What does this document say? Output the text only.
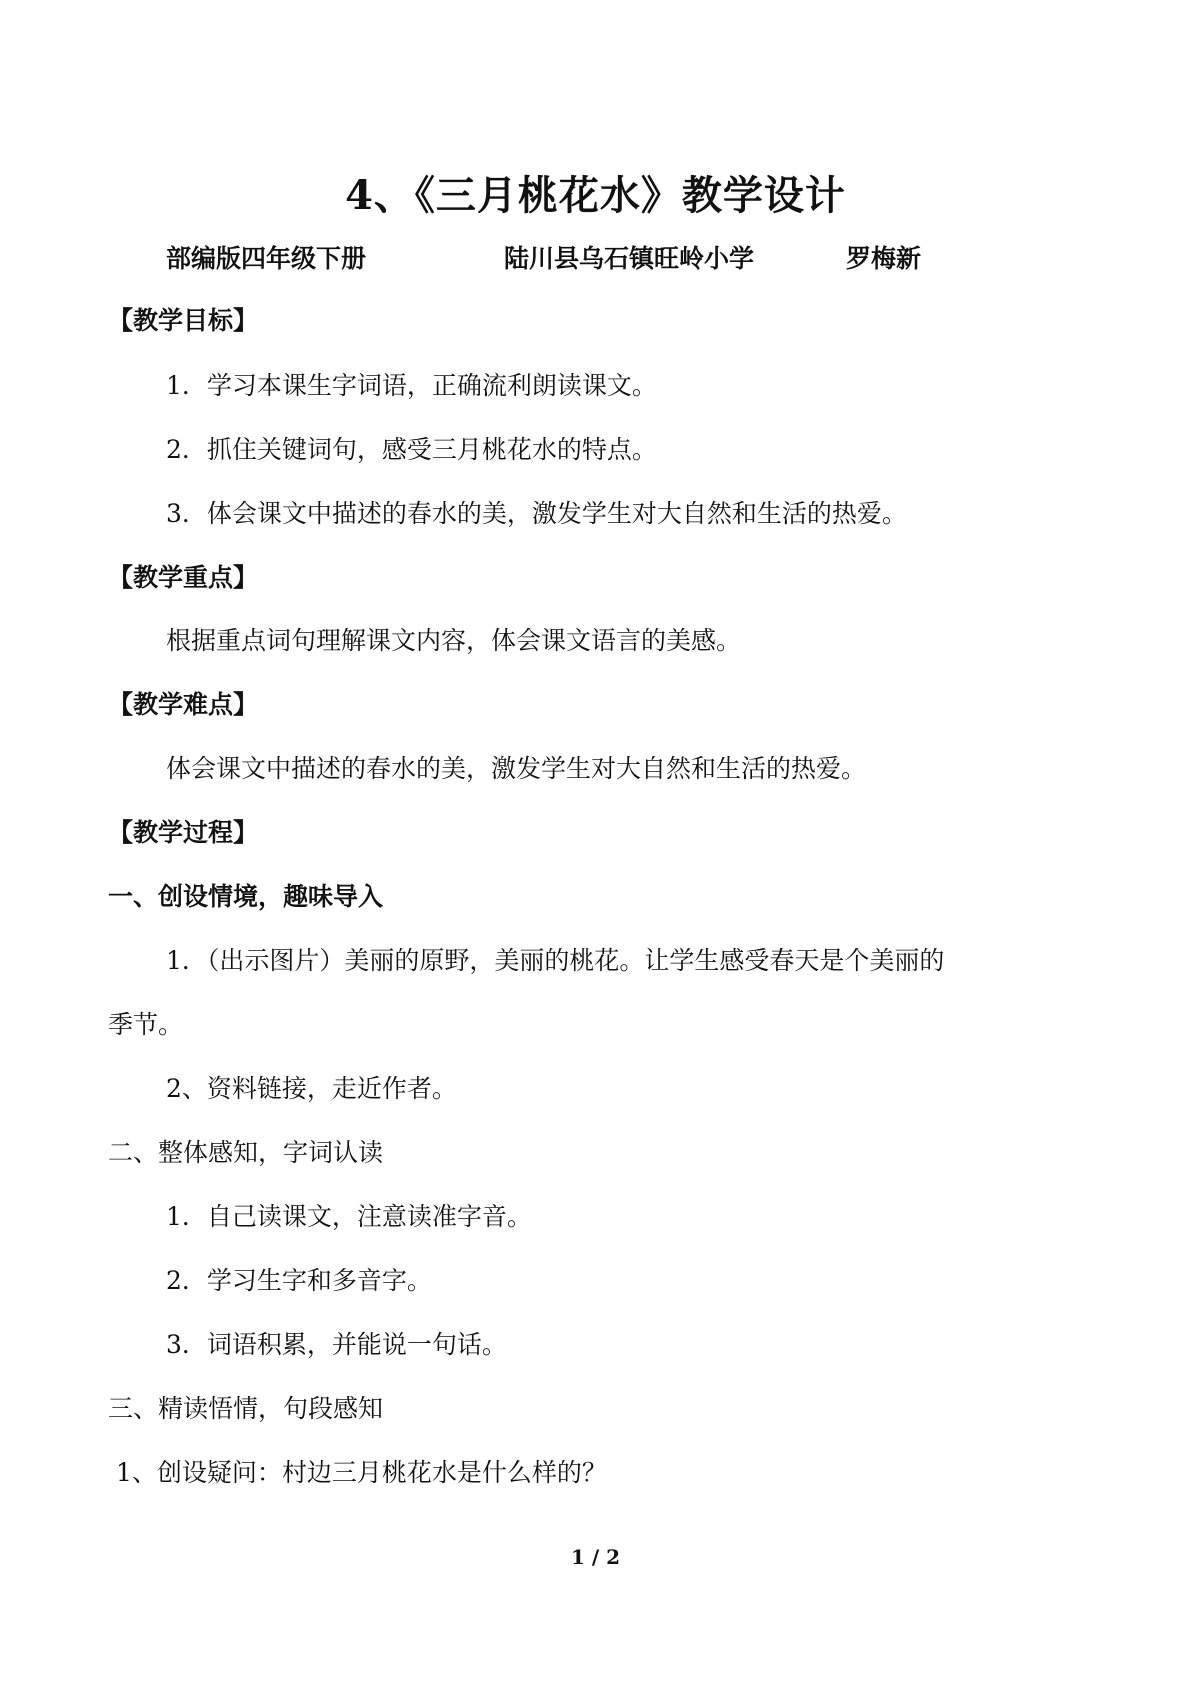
4、《三月桃花水》教学设计
部编版四年级下册	陆川县乌石镇旺岭小学	罗梅新
【教学目标】
1．学习本课生字词语，正确流利朗读课文。
2．抓住关键词句，感受三月桃花水的特点。
3．体会课文中描述的春水的美，激发学生对大自然和生活的热爱。
【教学重点】
根据重点词句理解课文内容，体会课文语言的美感。
【教学难点】
体会课文中描述的春水的美，激发学生对大自然和生活的热爱。
【教学过程】
一、创设情境，趣味导入
1．（出示图片）美丽的原野，美丽的桃花。让学生感受春天是个美丽的
季节。
2、资料链接，走近作者。
二、整体感知，字词认读
1．自己读课文，注意读准字音。
2．学习生字和多音字。
3．词语积累，并能说一句话。
三、精读悟情，句段感知
1、创设疑问：村边三月桃花水是什么样的？
1 / 2
